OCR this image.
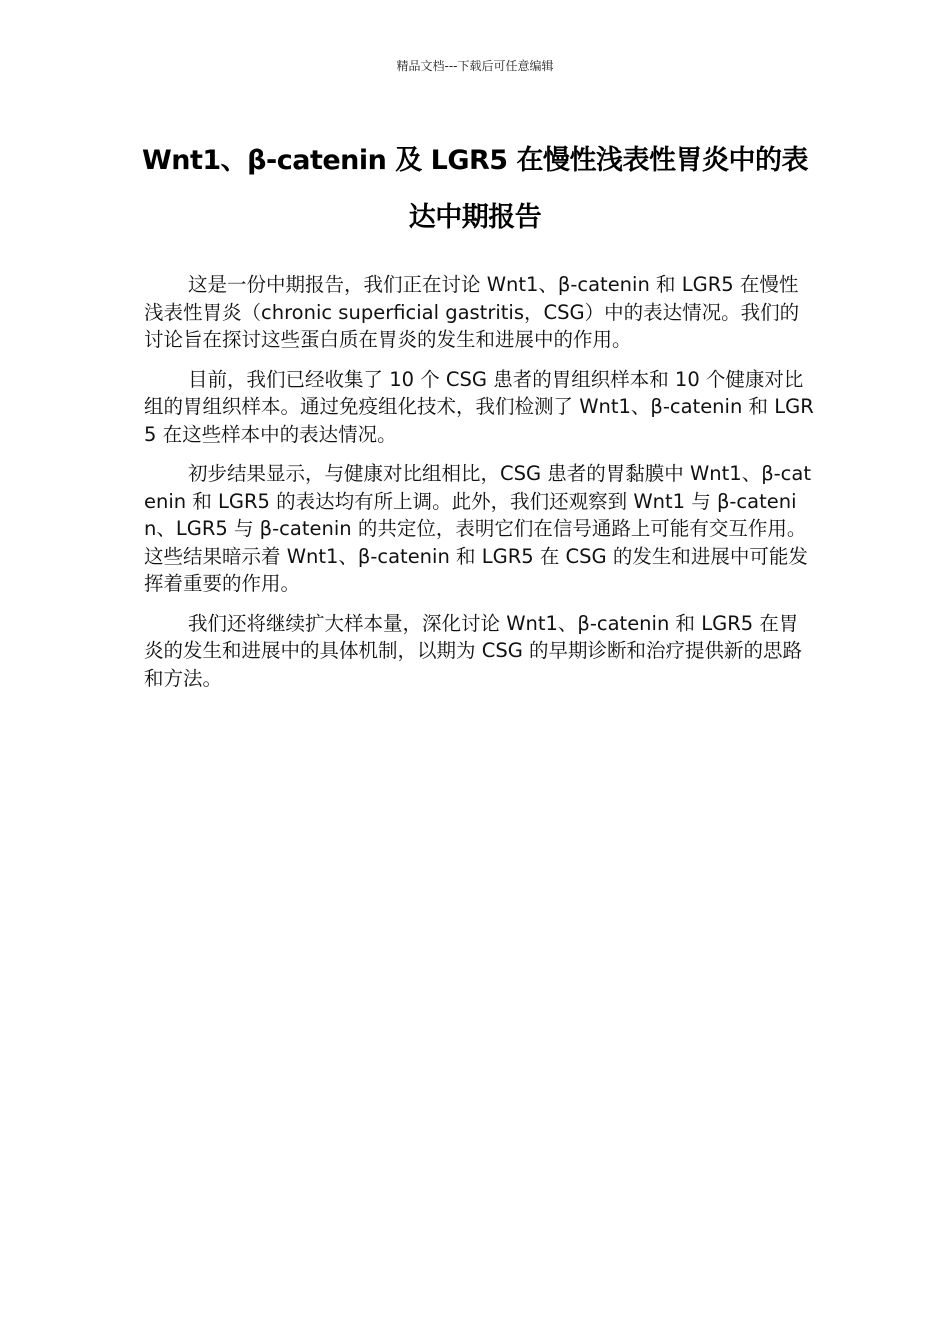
精品文档---下载后可任意编辑
Wnt1、β-catenin 及 LGR5 在慢性浅表性胃炎中的表达中期报告

这是一份中期报告，我们正在讨论 Wnt1、β-catenin 和 LGR5 在慢性浅表性胃炎（chronic superficial gastritis，CSG）中的表达情况。我们的讨论旨在探讨这些蛋白质在胃炎的发生和进展中的作用。

目前，我们已经收集了 10 个 CSG 患者的胃组织样本和 10 个健康对比组的胃组织样本。通过免疫组化技术，我们检测了 Wnt1、β-catenin 和 LGR5 在这些样本中的表达情况。

初步结果显示，与健康对比组相比，CSG 患者的胃黏膜中 Wnt1、β-catenin 和 LGR5 的表达均有所上调。此外，我们还观察到 Wnt1 与 β-catenin、LGR5 与 β-catenin 的共定位，表明它们在信号通路上可能有交互作用。这些结果暗示着 Wnt1、β-catenin 和 LGR5 在 CSG 的发生和进展中可能发挥着重要的作用。

我们还将继续扩大样本量，深化讨论 Wnt1、β-catenin 和 LGR5 在胃炎的发生和进展中的具体机制，以期为 CSG 的早期诊断和治疗提供新的思路和方法。
